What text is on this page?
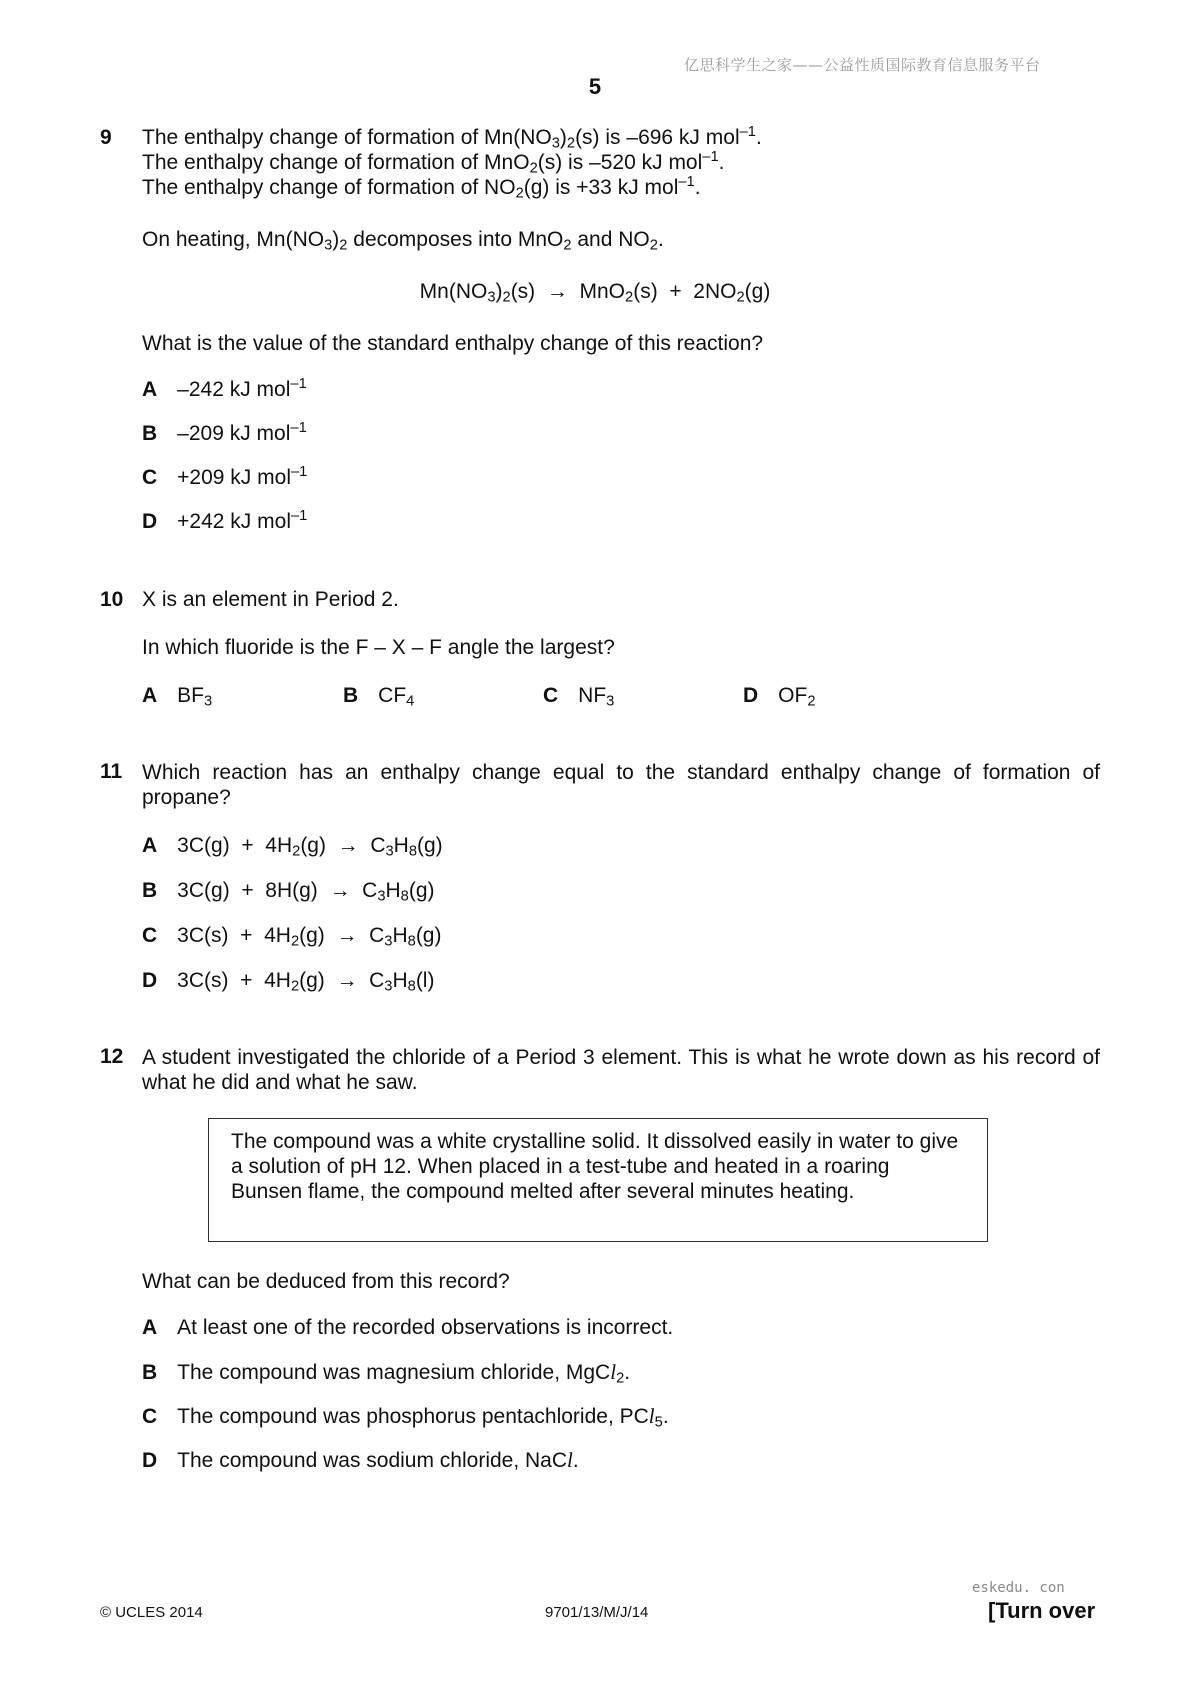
亿思科学生之家——公益性质国际教育信息服务平台
5
9 The enthalpy change of formation of $Mn(NO_3)_2(s)$ is –696 kJ mol$^{-1}$.
The enthalpy change of formation of MnO$_2$(s) is –520 kJ mol$^{-1}$.
The enthalpy change of formation of $NO_2(g)$ is +33 kJ mol$^{-1}$.
On heating, $Mn(NO_3)_2$ decomposes into MnO$_2$ and $NO_2$.
$Mn(NO_3)_2(s) \to MnO_2(s) + 2NO_2(g)$
What is the value of the standard enthalpy change of this reaction?
A –242 kJ mol$^{-1}$
B –209 kJ mol$^{-1}$
C +209 kJ mol$^{-1}$
D +242 kJ mol$^{-1}$
10 X is an element in Period 2.
In which fluoride is the F – X – F angle the largest?
A $BF_3$	B $CF_4$	C $NF_3$	D $OF_2$
11 Which reaction has an enthalpy change equal to the standard enthalpy change of formation of propane?
A $3C(g) + 4H_2(g) \to C_3H_8(g)$
B $3C(g) + 8H(g) \to C_3H_8(g)$
C $3C(s) + 4H_2(g) \to C_3H_8(g)$
D $3C(s) + 4H_2(g) \to C_3H_8(l)$
12 A student investigated the chloride of a Period 3 element. This is what he wrote down as his record of what he did and what he saw.
The compound was a white crystalline solid. It dissolved easily in water to give a solution of pH 12. When placed in a test-tube and heated in a roaring Bunsen flame, the compound melted after several minutes heating.
What can be deduced from this record?
A At least one of the recorded observations is incorrect.
B The compound was magnesium chloride, MgCl$_2$.
C The compound was phosphorus pentachloride, PCl$_5$.
D The compound was sodium chloride, NaCl.
© UCLES 2014	9701/13/M/J/14
eskedu. con
[Turn over
